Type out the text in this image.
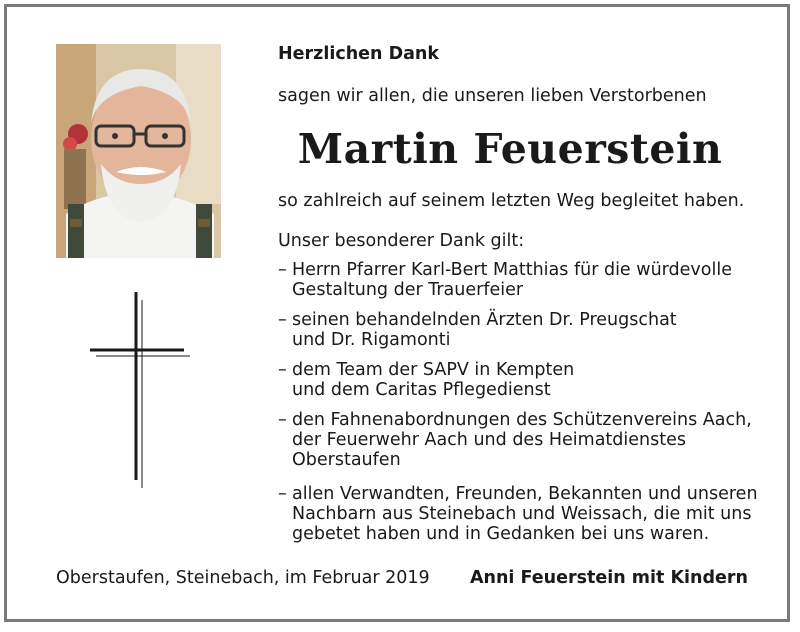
Herzlichen Dank
sagen wir allen, die unseren lieben Verstorbenen
Martin Feuerstein
so zahlreich auf seinem letzten Weg begleitet haben.
Unser besonderer Dank gilt:
– Herrn Pfarrer Karl-Bert Matthias für die würdevolle
Gestaltung der Trauerfeier
– seinen behandelnden Ärzten Dr. Preugschat
und Dr. Rigamonti
– dem Team der SAPV in Kempten
und dem Caritas Pflegedienst
– den Fahnenabordnungen des Schützenvereins Aach,
der Feuerwehr Aach und des Heimatdienstes
Oberstaufen
– allen Verwandten, Freunden, Bekannten und unseren
Nachbarn aus Steinebach und Weissach, die mit uns
gebetet haben und in Gedanken bei uns waren.
Oberstaufen, Steinebach, im Februar 2019 Anni Feuerstein mit Kindern
